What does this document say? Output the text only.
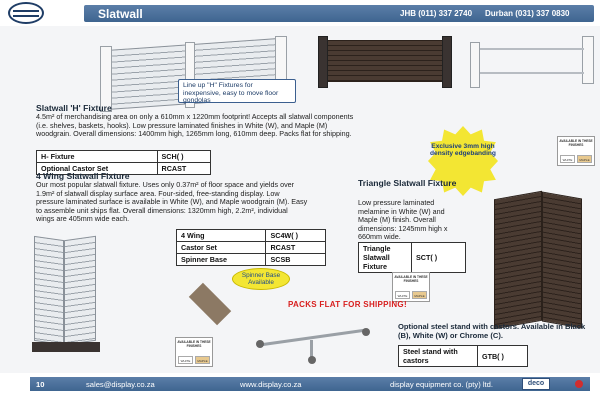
Slatwall	JHB (011) 337 2740 Durban (031) 337 0830
Line up "H" Fixtures for inexpensive, easy to move floor gondolas
Slatwall 'H' Fixture
4.5m² of merchandising area on only a 610mm x 1220mm footprint! Accepts all slatwall components (i.e. shelves, baskets, hooks). Low pressure laminated finishes in White (W), and Maple (M) woodgrain. Overall dimensions: 1400mm high, 1265mm long, 610mm deep. Packs flat for shipping.
H- Fixture	SCH( )
Optional Castor Set	RCAST
Exclusive 3mm high density edgebanding
AVAILABLE IN THESE FINISHES
WHITE	MAPLE
4 Wing Slatwall Fixture
Our most popular slatwall fixture. Uses only 0.37m² of floor space and yields over 1.9m² of slatwall display surface area. Four-sided, free-standing display. Low pressure laminated surface is available in White (W), and Maple woodgrain (M). Easy to assemble unit ships flat. Overall dimensions: 1320mm high, 2.2m², individual wings are 405mm wide each.
4 Wing	SC4W( )
Castor Set	RCAST
Spinner Base	SCSB
Spinner Base Available
AVAILABLE IN THESE FINISHES
WHITE	MAPLE
Triangle Slatwall Fixture
Low pressure laminated melamine in White (W) and Maple (M) finish. Overall dimensions: 1245mm high x 660mm wide.
Triangle Slatwall Fixture	SCT( )
AVAILABLE IN THESE FINISHES
WHITE	MAPLE
PACKS FLAT FOR SHIPPING!
Optional steel stand with castors. Available in Black (B), White (W) or Chrome (C).
Steel stand with castors	GTB( )
10	sales@display.co.za	www.display.co.za	display equipment co. (pty) ltd.	deco
